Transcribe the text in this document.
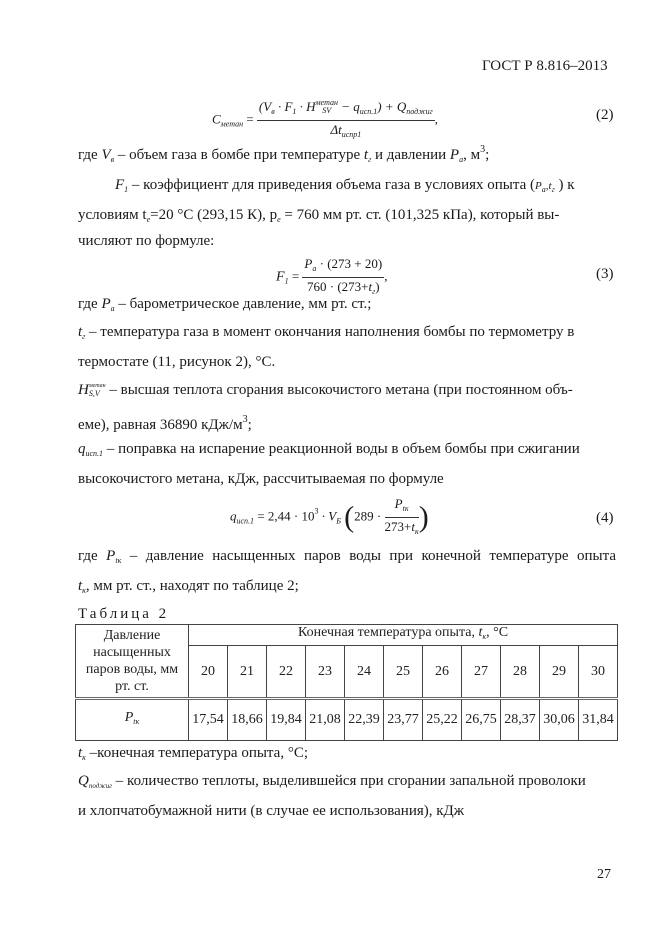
ГОСТ Р 8.816–2013
$C_{метан} = (V_в \cdot F_1 \cdot H$ метан
SV − $q_{исп.1}) + Q_{поджиг}$
$\Delta t_{испр1}$ ,	(2)
где $V_в$ – объем газа в бомбе при температуре $t_г$ и давлении $P_а$, $м^3$;
$F_1$ – коэффициент для приведения объема газа в условиях опыта ($P_а,t_г$ ) к
условиям $t_e=20$ °C (293,15 К), $p_e = 760$ мм рт. ст. (101,325 кПа), который вы-
числяют по формуле:
$F_1 = \frac{P_а \cdot (273 + 20)}{760 \cdot (273+t_г)}$ ,	(3)
где $P_а$ – барометрическое давление, мм рт. ст.;
$t_г$ – температура газа в момент окончания наполнения бомбы по термометру в
термостате (11, рисунок 2), °С.
H метан
S,V – высшая теплота сгорания высокочистого метана (при постоянном объ-
еме), равная 36890 кДж/$м^3$;
$q_{исп.1}$ – поправка на испарение реакционной воды в объем бомбы при сжигании
высокочистого метана, кДж, рассчитываемая по формуле
$q_{исп.1} = 2,44 \cdot 10^3 \cdot V_Б$ ($289 \cdot \frac{P_{tк}}{273+t_к}$ )	(4)
где $P_{tк}$ – давление насыщенных паров воды при конечной температуре опыта
$t_к$, мм рт. ст., находят по таблице 2;
Таблица 2
Давление насыщенных паров воды, мм рт. ст.	Конечная температура опыта, $t_к$, °С										
	20	21	22	23	24	25	26	27	28	29	30
$P_{tк}$	17,54	18,66	19,84	21,08	22,39	23,77	25,22	26,75	28,37	30,06	31,84
$t_к$ –конечная температура опыта, °С;
$Q_{поджиг}$ – количество теплоты, выделившейся при сгорании запальной проволоки
и хлопчатобумажной нити (в случае ее использования), кДж
27
